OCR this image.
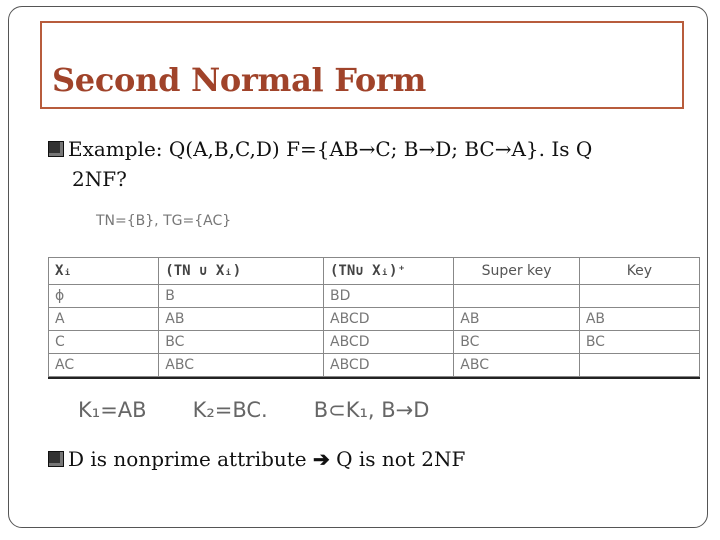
Second Normal Form
Example: Q(A,B,C,D) F={AB→C; B→D; BC→A}. Is Q
2NF?
TN={B}, TG={AC}
Xᵢ	(TN ∪ Xᵢ)	(TN∪ Xᵢ)⁺	Super key	Key
ϕ	B	BD		
A	AB	ABCD	AB	AB
C	BC	ABCD	BC	BC
AC	ABC	ABCD	ABC	
K₁=AB K₂=BC. B⊂K₁, B→D
D is nonprime attribute ➔ Q is not 2NF
